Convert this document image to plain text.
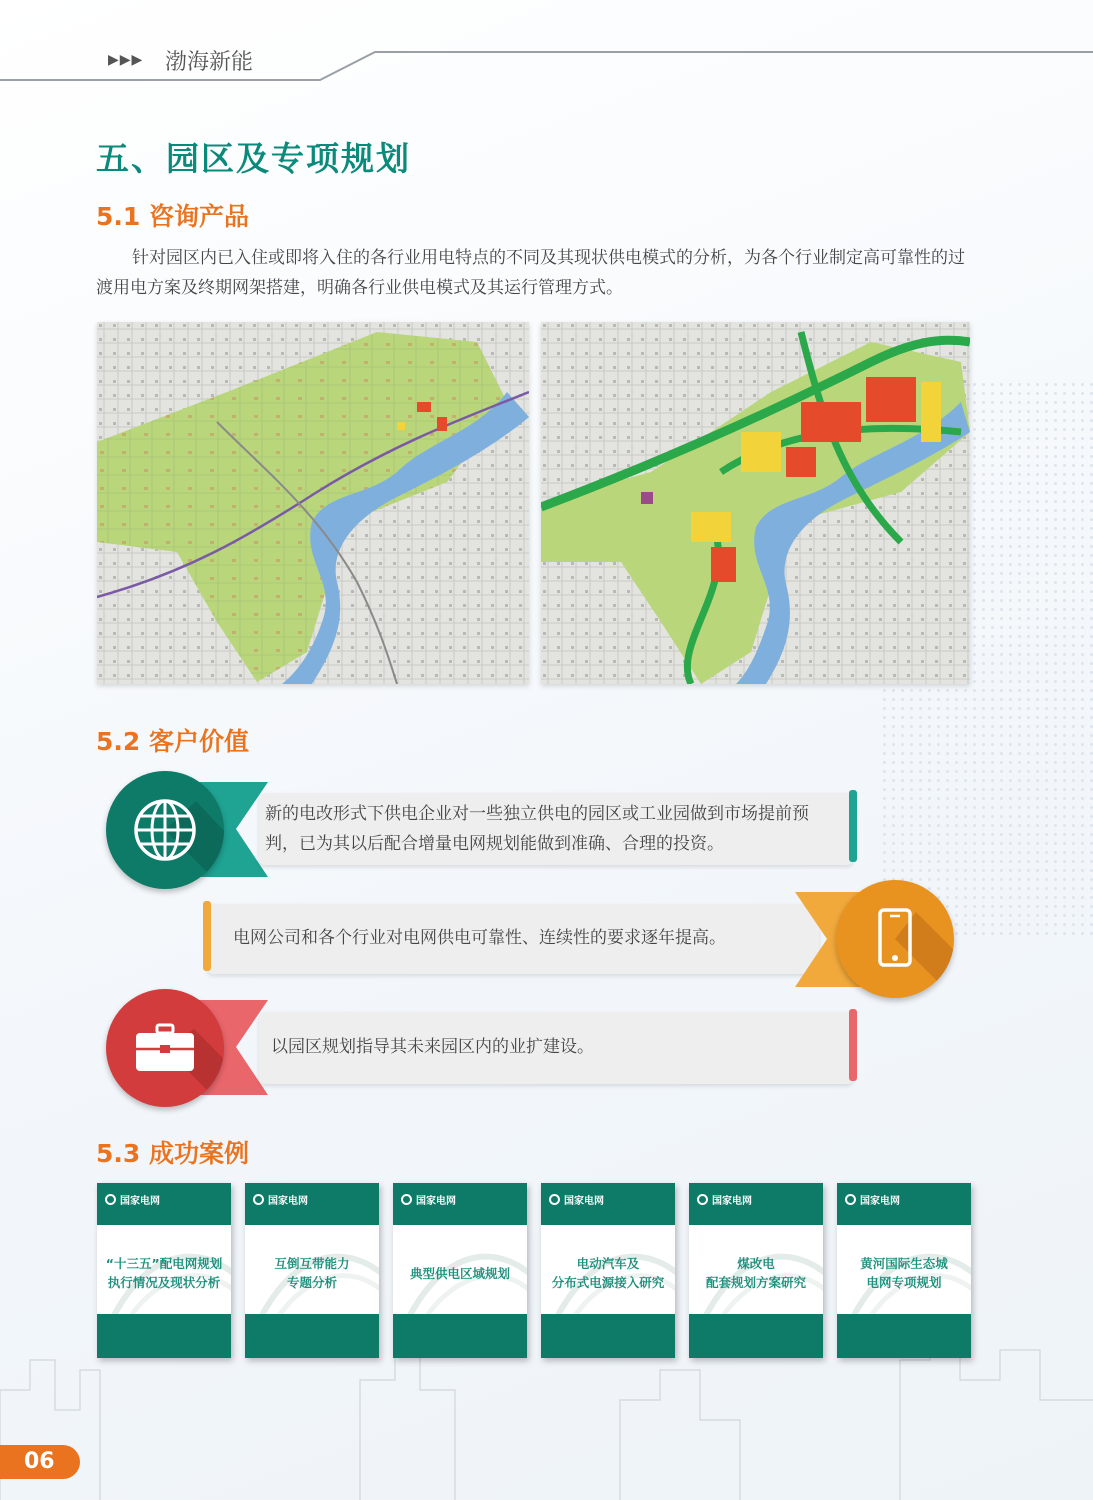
▶▶▶ 渤海新能
五、园区及专项规划
5.1 咨询产品
针对园区内已入住或即将入住的各行业用电特点的不同及其现状供电模式的分析，为各个行业制定高可靠性的过渡用电方案及终期网架搭建，明确各行业供电模式及其运行管理方式。
5.2 客户价值
新的电改形式下供电企业对一些独立供电的园区或工业园做到市场提前预判，已为其以后配合增量电网规划能做到准确、合理的投资。
电网公司和各个行业对电网供电可靠性、连续性的要求逐年提高。
以园区规划指导其未来园区内的业扩建设。
5.3 成功案例
国家电网
“十三五”配电网规划
执行情况及现状分析
国家电网
互倒互带能力
专题分析
国家电网
典型供电区域规划
国家电网
电动汽车及
分布式电源接入研究
国家电网
煤改电
配套规划方案研究
国家电网
黄河国际生态城
电网专项规划
06
